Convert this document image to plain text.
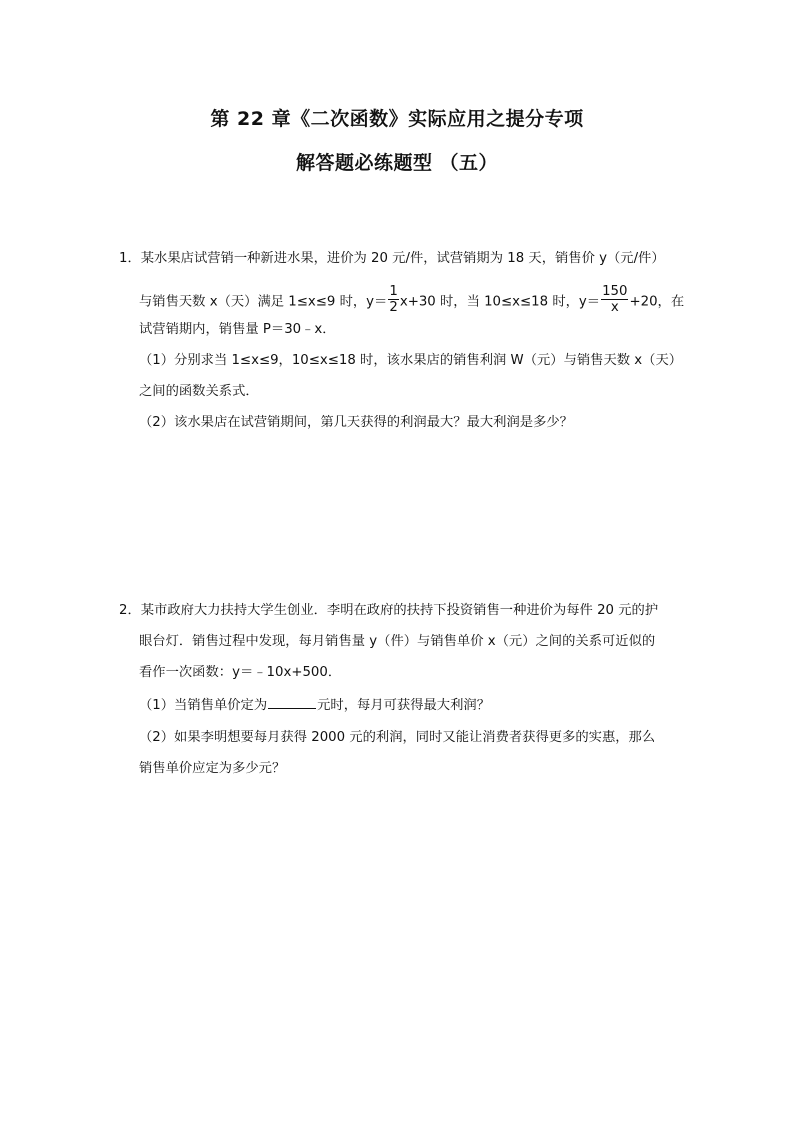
第 22 章《二次函数》实际应用之提分专项
解答题必练题型 （五）
1．某水果店试营销一种新进水果，进价为 20 元/件，试营销期为 18 天，销售价 y（元/件）
与销售天数 x（天）满足 1≤x≤9 时，$y= \frac{1}{2} x+30$ 时，当 10≤x≤18 时，$y= \frac{150}{x} +20$，在
试营销期内，销售量 P＝30﹣x．
（1）分别求当 1≤x≤9，10≤x≤18 时，该水果店的销售利润 W（元）与销售天数 x（天）
之间的函数关系式．
（2）该水果店在试营销期间，第几天获得的利润最大？最大利润是多少？
2．某市政府大力扶持大学生创业．李明在政府的扶持下投资销售一种进价为每件 20 元的护
眼台灯．销售过程中发现，每月销售量 y（件）与销售单价 x（元）之间的关系可近似的
看作一次函数：y＝﹣10x+500．
（1）当销售单价定为	元时，每月可获得最大利润？
（2）如果李明想要每月获得 2000 元的利润，同时又能让消费者获得更多的实惠，那么
销售单价应定为多少元？
